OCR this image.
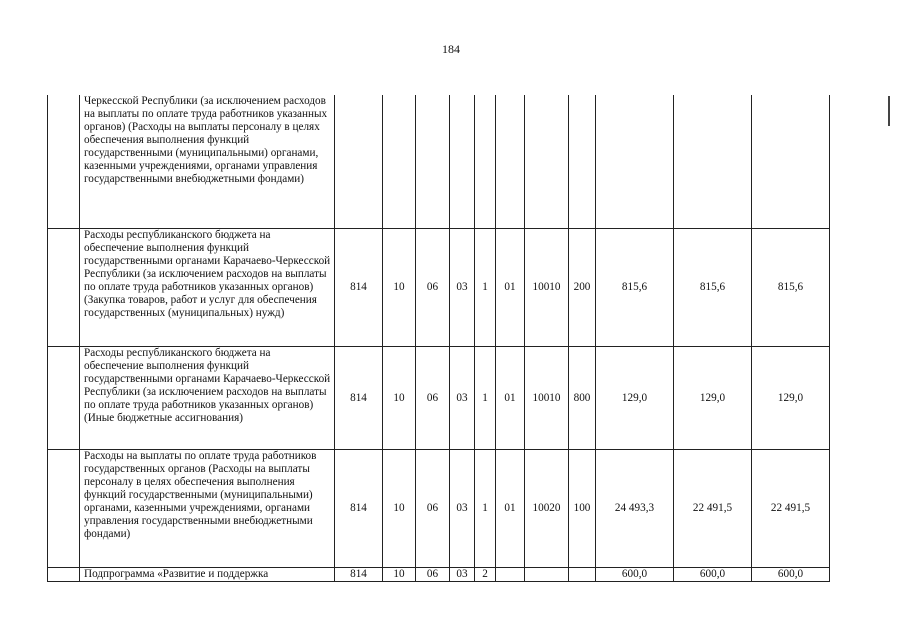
184
	Черкесской Республики (за исключением расходов на выплаты по оплате труда работников указанных органов) (Расходы на выплаты персоналу в целях обеспечения выполнения функций государственными (муниципальными) органами, казенными учреждениями, органами управления государственными внебюджетными фондами)											
	Расходы республиканского бюджета на обеспечение выполнения функций государственными органами Карачаево-Черкесской Республики (за исключением расходов на выплаты по оплате труда работников указанных органов) (Закупка товаров, работ и услуг для обеспечения государственных (муниципальных) нужд)	814	10	06	03	1	01	10010	200	815,6	815,6	815,6
	Расходы республиканского бюджета на обеспечение выполнения функций государственными органами Карачаево-Черкесской Республики (за исключением расходов на выплаты по оплате труда работников указанных органов) (Иные бюджетные ассигнования)	814	10	06	03	1	01	10010	800	129,0	129,0	129,0
	Расходы на выплаты по оплате труда работников государственных органов (Расходы на выплаты персоналу в целях обеспечения выполнения функций государственными (муниципальными) органами, казенными учреждениями, органами управления государственными внебюджетными фондами)	814	10	06	03	1	01	10020	100	24 493,3	22 491,5	22 491,5
	Подпрограмма «Развитие и поддержка	814	10	06	03	2				600,0	600,0	600,0
